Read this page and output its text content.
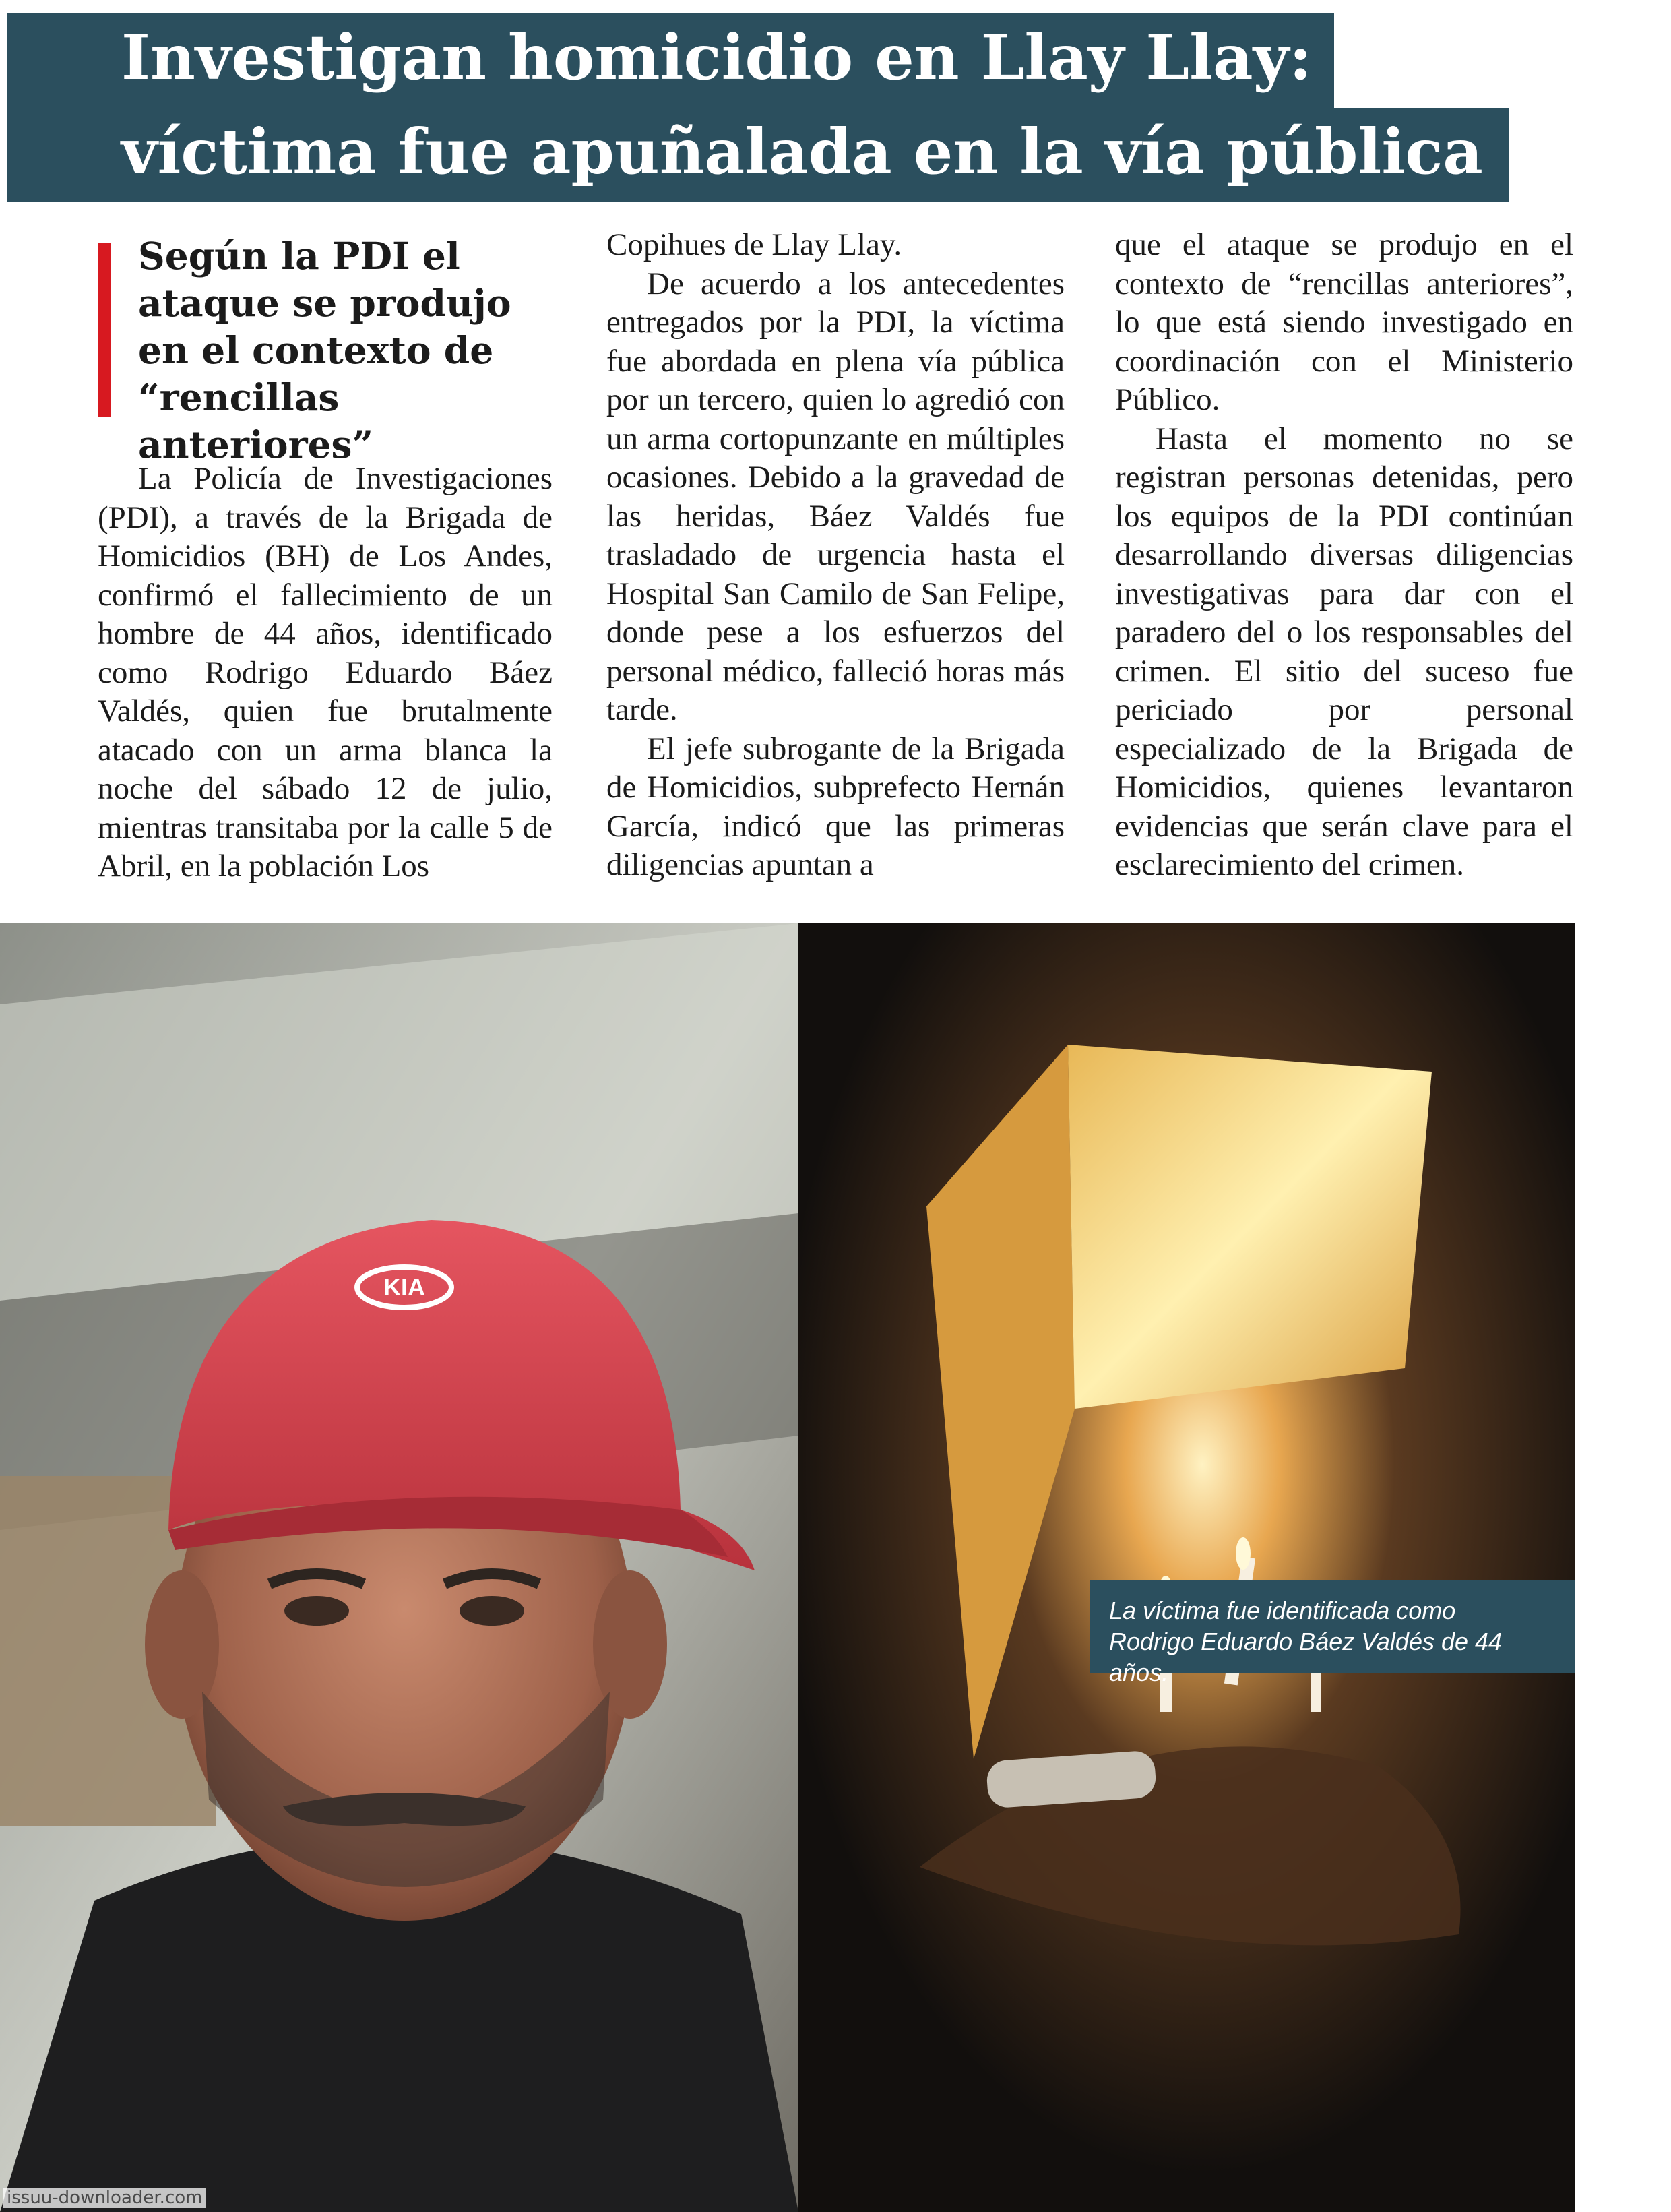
Investigan homicidio en Llay Llay:
víctima fue apuñalada en la vía pública
Según la PDI el ataque se produjo en el contexto de “rencillas anteriores”

La Policía de Investigaciones (PDI), a través de la Brigada de Homicidios (BH) de Los Andes, confirmó el fallecimiento de un hombre de 44 años, identificado como Rodrigo Eduardo Báez Valdés, quien fue brutalmente atacado con un arma blanca la noche del sábado 12 de julio, mientras transitaba por la calle 5 de Abril, en la población Los

Copihues de Llay Llay.

De acuerdo a los antecedentes entregados por la PDI, la víctima fue abordada en plena vía pública por un tercero, quien lo agredió con un arma cortopunzante en múltiples ocasiones. Debido a la gravedad de las heridas, Báez Valdés fue trasladado de urgencia hasta el Hospital San Camilo de San Felipe, donde pese a los esfuerzos del personal médico, falleció horas más tarde.

El jefe subrogante de la Brigada de Homicidios, subprefecto Hernán García, indicó que las primeras diligencias apuntan a

que el ataque se produjo en el contexto de “rencillas anteriores”, lo que está siendo investigado en coordinación con el Ministerio Público.

Hasta el momento no se registran personas detenidas, pero los equipos de la PDI continúan desarrollando diversas diligencias investigativas para dar con el paradero del o los responsables del crimen. El sitio del suceso fue periciado por personal especializado de la Brigada de Homicidios, quienes levantaron evidencias que serán clave para el esclarecimiento del crimen.

KIA
La víctima fue identificada como
Rodrigo Eduardo Báez Valdés de 44 años.
issuu-downloader.com
